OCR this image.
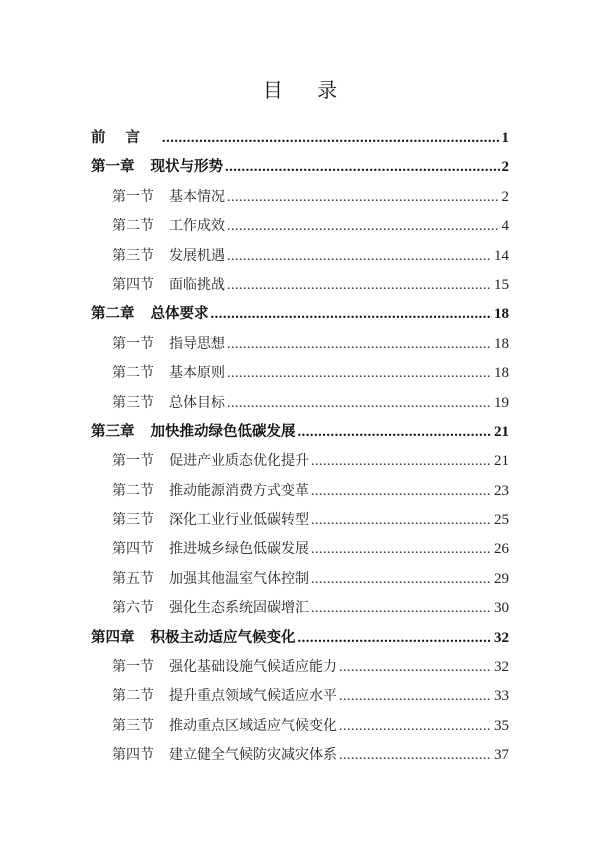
目 录
前言 .....	1
第一章 现状与形势 .....	2
第一节 基本情况 .....	2
第二节 工作成效 .....	4
第三节 发展机遇 .....	14
第四节 面临挑战 .....	15
第二章 总体要求 .....	18
第一节 指导思想 .....	18
第二节 基本原则 .....	18
第三节 总体目标 .....	19
第三章 加快推动绿色低碳发展 .....	21
第一节 促进产业质态优化提升 .....	21
第二节 推动能源消费方式变革 .....	23
第三节 深化工业行业低碳转型 .....	25
第四节 推进城乡绿色低碳发展 .....	26
第五节 加强其他温室气体控制 .....	29
第六节 强化生态系统固碳增汇 .....	30
第四章 积极主动适应气候变化 .....	32
第一节 强化基础设施气候适应能力 .....	32
第二节 提升重点领域气候适应水平 .....	33
第三节 推动重点区域适应气候变化 .....	35
第四节 建立健全气候防灾减灾体系 .....	37
